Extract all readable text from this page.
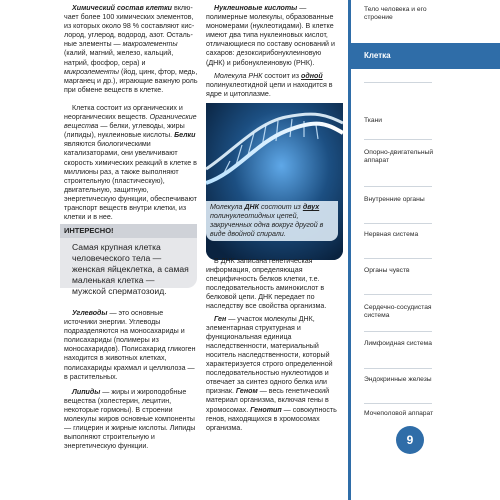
Химический состав клетки вклю-чает более 100 химических элементов, из которых около 98 % составляют кис-лород, углерод, водород, азот. Осталь-ные элементы — макроэлементы (калий, магний, железо, кальций, натрий, фосфор, сера) и микроэлементы (йод, цинк, фтор, медь, марганец и др.), играющие важную роль при обмене веществ в клетке.

Клетка состоит из органических и неорганических веществ. Органические вещества — белки, углеводы, жиры (липиды), нуклеиновые кислоты. Белки являются биологическими катализаторами, они увеличивают скорость химических реакций в клетке в миллионы раз, а также выполняют строительную (пластическую), двигательную, защитную, энергетическую функции, обеспечивают транспорт веществ внутри клетки, из клетки и в нее.

ИНТЕРЕСНО!
Самая крупная клетка человеческого тела — женская яйцеклетка, а самая маленькая клетка — мужской сперматозоид.

Углеводы — это основные источники энергии. Углеводы подразделяются на моносахариды и полисахариды (полимеры из моносахаридов). Полисахарид гликоген находится в животных клетках, полисахариды крахмал и целлюлоза — в растительных.

Липиды — жиры и жироподобные вещества (холестерин, лецитин, некоторые гормоны). В строении молекулы жиров основные компоненты — глицерин и жирные кислоты. Липиды выполняют строительную и энергетическую функции.

Нуклеиновые кислоты — полимерные молекулы, образованные мономерами (нуклеотидами). В клетке имеют два типа нуклеиновых кислот, отличающиеся по составу оснований и сахаров: дезоксирибонуклеиновую (ДНК) и рибонуклеиновую (РНК).

Молекула РНК состоит из одной полинуклеотидной цепи и находится в ядре и цитоплазме.

Молекула ДНК состоит из двух полинуклеотидных цепей, закрученных одна вокруг другой в виде двойной спирали.

В ДНК записана генетическая информация, определяющая специфичность белков клетки, т.е. последовательность аминокислот в белковой цепи. ДНК передает по наследству все свойства организма.

Ген — участок молекулы ДНК, элементарная структурная и функциональная единица наследственности, материальный носитель наследственности, который характеризуется строго определенной последовательностью нуклеотидов и отвечает за синтез одного белка или признак. Геном — весь генетический материал организма, включая гены в хромосомах. Генотип — совокупность генов, находящихся в хромосомах организма.

Тело человека и его строение
Клетка
Ткани
Опорно-двигательный аппарат
Внутренние органы
Нервная система
Органы чувств
Сердечно-сосудистая система
Лимфоидная система
Эндокринные железы
Мочеполовой аппарат
9
